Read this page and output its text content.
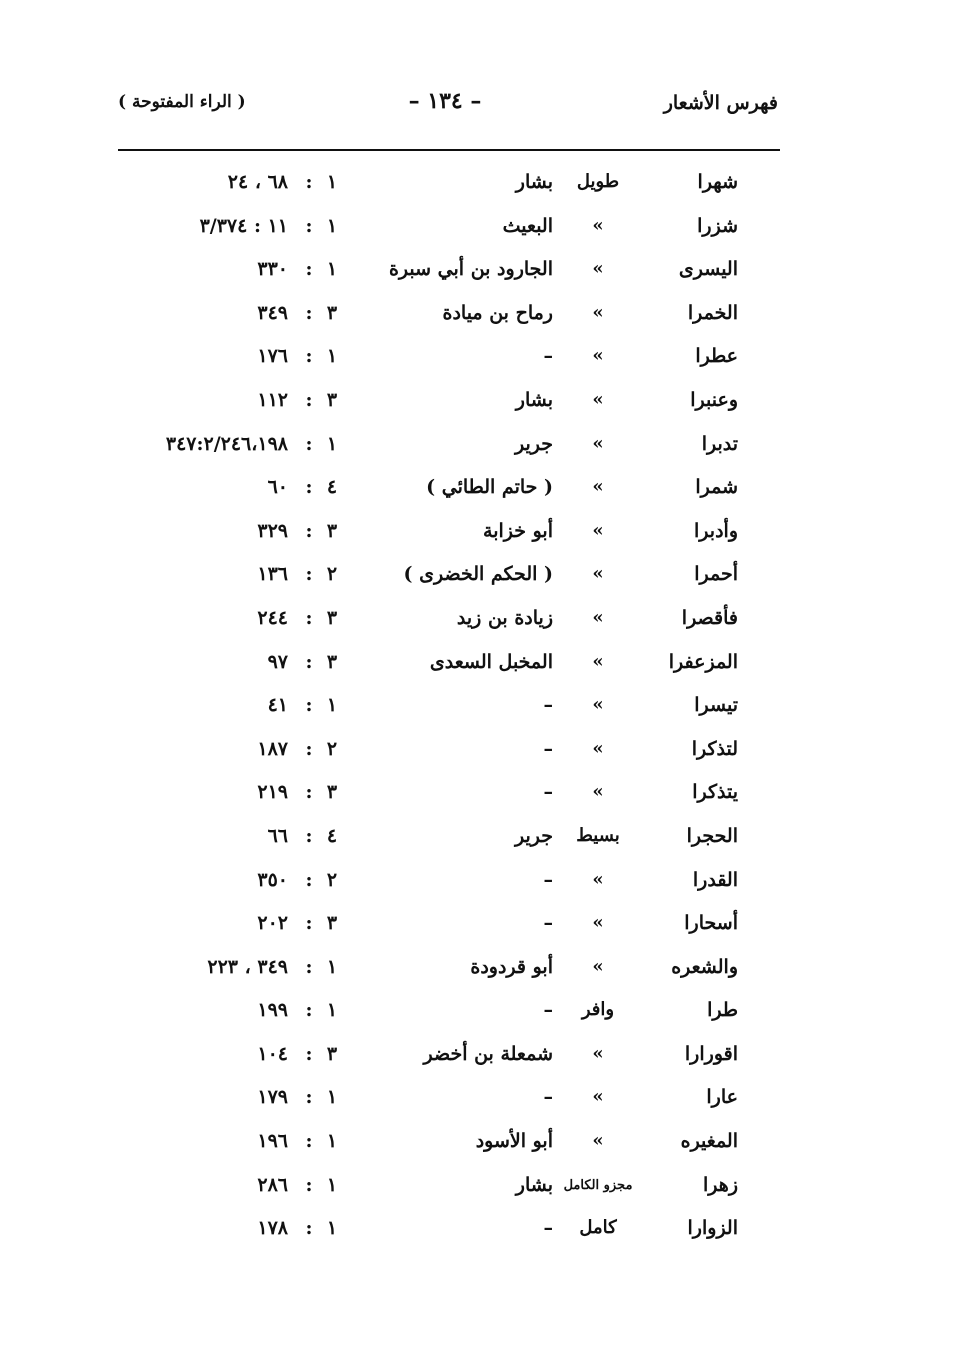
فهرس الأشعار
– ١٣٤ –
( الراء المفتوحة )
شهرا
طويل
بشار
١
:
٦٨ ، ٢٤
شزرا
»
البعيث
١
:
١١ : ٣/٣٧٤
اليسرى
»
الجارود بن أبي سبرة
١
:
٣٣٠
الخمرا
»
رماح بن ميادة
٣
:
٣٤٩
عطرا
»
–
١
:
١٧٦
وعنبرا
»
بشار
٣
:
١١٢
تدبرا
»
جرير
١
:
٣٤٧:٢/٢٤٦،١٩٨
شمرا
»
( حاتم الطائي )
٤
:
٦٠
وأدبرا
»
أبو خزابة
٣
:
٣٢٩
أحمرا
»
( الحكم الخضرى )
٢
:
١٣٦
فأقصرا
»
زيادة بن زيد
٣
:
٢٤٤
المزعفرا
»
المخبل السعدى
٣
:
٩٧
تيسرا
»
–
١
:
٤١
لتذكرا
»
–
٢
:
١٨٧
يتذكرا
»
–
٣
:
٢١٩
الحجرا
بسيط
جرير
٤
:
٦٦
القدرا
»
–
٢
:
٣٥٠
أسحارا
»
–
٣
:
٢٠٢
والشعره
»
أبو قردودة
١
:
٣٤٩ ، ٢٢٣
طرا
وافر
–
١
:
١٩٩
اقورارا
»
شمعلة بن أخضر
٣
:
١٠٤
عارا
»
–
١
:
١٧٩
المغيره
»
أبو الأسود
١
:
١٩٦
زهرا
مجزو الكامل
بشار
١
:
٢٨٦
الزوارا
كامل
–
١
:
١٧٨
